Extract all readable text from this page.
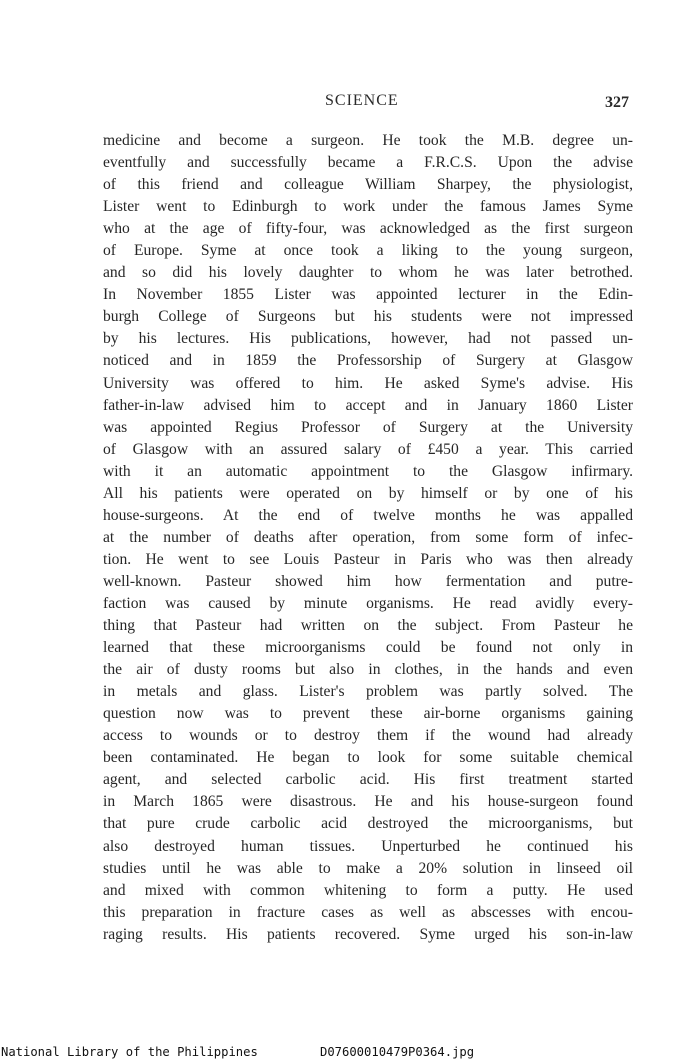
SCIENCE	327
medicine and become a surgeon. He took the M.B. degree un-
eventfully and successfully became a F.R.C.S. Upon the advise
of this friend and colleague William Sharpey, the physiologist,
Lister went to Edinburgh to work under the famous James Syme
who at the age of fifty-four, was acknowledged as the first surgeon
of Europe. Syme at once took a liking to the young surgeon,
and so did his lovely daughter to whom he was later betrothed.
In November 1855 Lister was appointed lecturer in the Edin-
burgh College of Surgeons but his students were not impressed
by his lectures. His publications, however, had not passed un-
noticed and in 1859 the Professorship of Surgery at Glasgow
University was offered to him. He asked Syme's advise. His
father-in-law advised him to accept and in January 1860 Lister
was appointed Regius Professor of Surgery at the University
of Glasgow with an assured salary of £450 a year. This carried
with it an automatic appointment to the Glasgow infirmary.
All his patients were operated on by himself or by one of his
house-surgeons. At the end of twelve months he was appalled
at the number of deaths after operation, from some form of infec-
tion. He went to see Louis Pasteur in Paris who was then already
well-known. Pasteur showed him how fermentation and putre-
faction was caused by minute organisms. He read avidly every-
thing that Pasteur had written on the subject. From Pasteur he
learned that these microorganisms could be found not only in
the air of dusty rooms but also in clothes, in the hands and even
in metals and glass. Lister's problem was partly solved. The
question now was to prevent these air-borne organisms gaining
access to wounds or to destroy them if the wound had already
been contaminated. He began to look for some suitable chemical
agent, and selected carbolic acid. His first treatment started
in March 1865 were disastrous. He and his house-surgeon found
that pure crude carbolic acid destroyed the microorganisms, but
also destroyed human tissues. Unperturbed he continued his
studies until he was able to make a 20% solution in linseed oil
and mixed with common whitening to form a putty. He used
this preparation in fracture cases as well as abscesses with encou-
raging results. His patients recovered. Syme urged his son-in-law
National Library of the Philippines	D07600010479P0364.jpg
